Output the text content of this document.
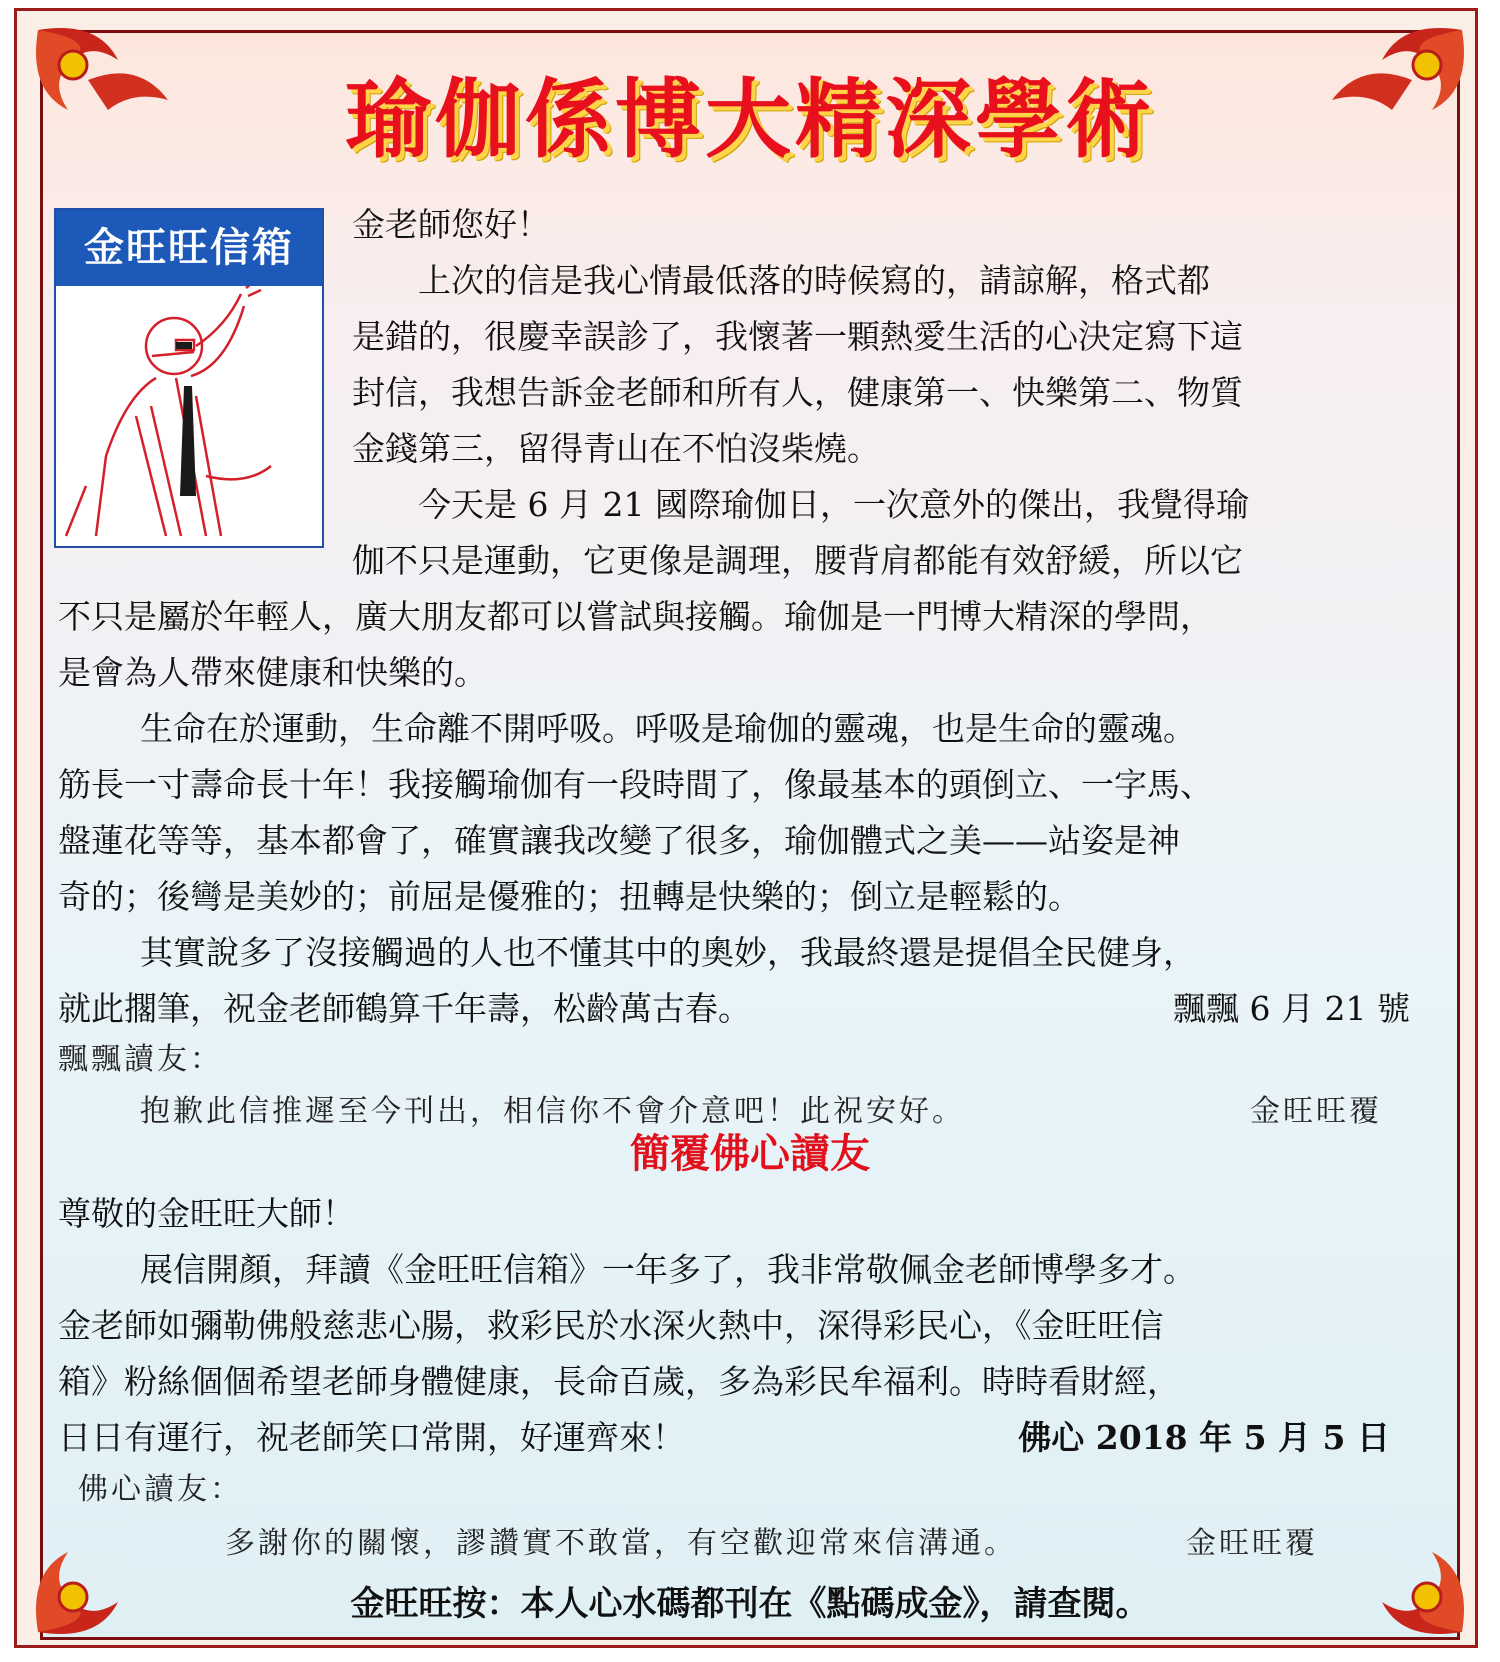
瑜伽係博大精深學術
金旺旺信箱
金老師您好！
上次的信是我心情最低落的時候寫的，請諒解，格式都
是錯的，很慶幸誤診了，我懷著一顆熱愛生活的心決定寫下這
封信，我想告訴金老師和所有人，健康第一、快樂第二、物質
金錢第三，留得青山在不怕沒柴燒。
今天是 6 月 21 國際瑜伽日，一次意外的傑出，我覺得瑜
伽不只是運動，它更像是調理，腰背肩都能有效舒緩，所以它
不只是屬於年輕人，廣大朋友都可以嘗試與接觸。瑜伽是一門博大精深的學問，
是會為人帶來健康和快樂的。
生命在於運動，生命離不開呼吸。呼吸是瑜伽的靈魂，也是生命的靈魂。
筋長一寸壽命長十年！我接觸瑜伽有一段時間了，像最基本的頭倒立、一字馬、
盤蓮花等等，基本都會了，確實讓我改變了很多，瑜伽體式之美——站姿是神
奇的；後彎是美妙的；前屈是優雅的；扭轉是快樂的；倒立是輕鬆的。
其實說多了沒接觸過的人也不懂其中的奧妙，我最終還是提倡全民健身，
就此擱筆，祝金老師鶴算千年壽，松齡萬古春。	飄飄 6 月 21 號
飄飄讀友：
抱歉此信推遲至今刊出，相信你不會介意吧！此祝安好。	金旺旺覆
簡覆佛心讀友
尊敬的金旺旺大師！
展信開顏，拜讀《金旺旺信箱》一年多了，我非常敬佩金老師博學多才。
金老師如彌勒佛般慈悲心腸，救彩民於水深火熱中，深得彩民心，《金旺旺信
箱》粉絲個個希望老師身體健康，長命百歲，多為彩民牟福利。時時看財經，
日日有運行，祝老師笑口常開，好運齊來！	佛心 2018 年 5 月 5 日
佛心讀友：
多謝你的關懷，謬讚實不敢當，有空歡迎常來信溝通。	金旺旺覆
金旺旺按：本人心水碼都刊在《點碼成金》，請查閱。
